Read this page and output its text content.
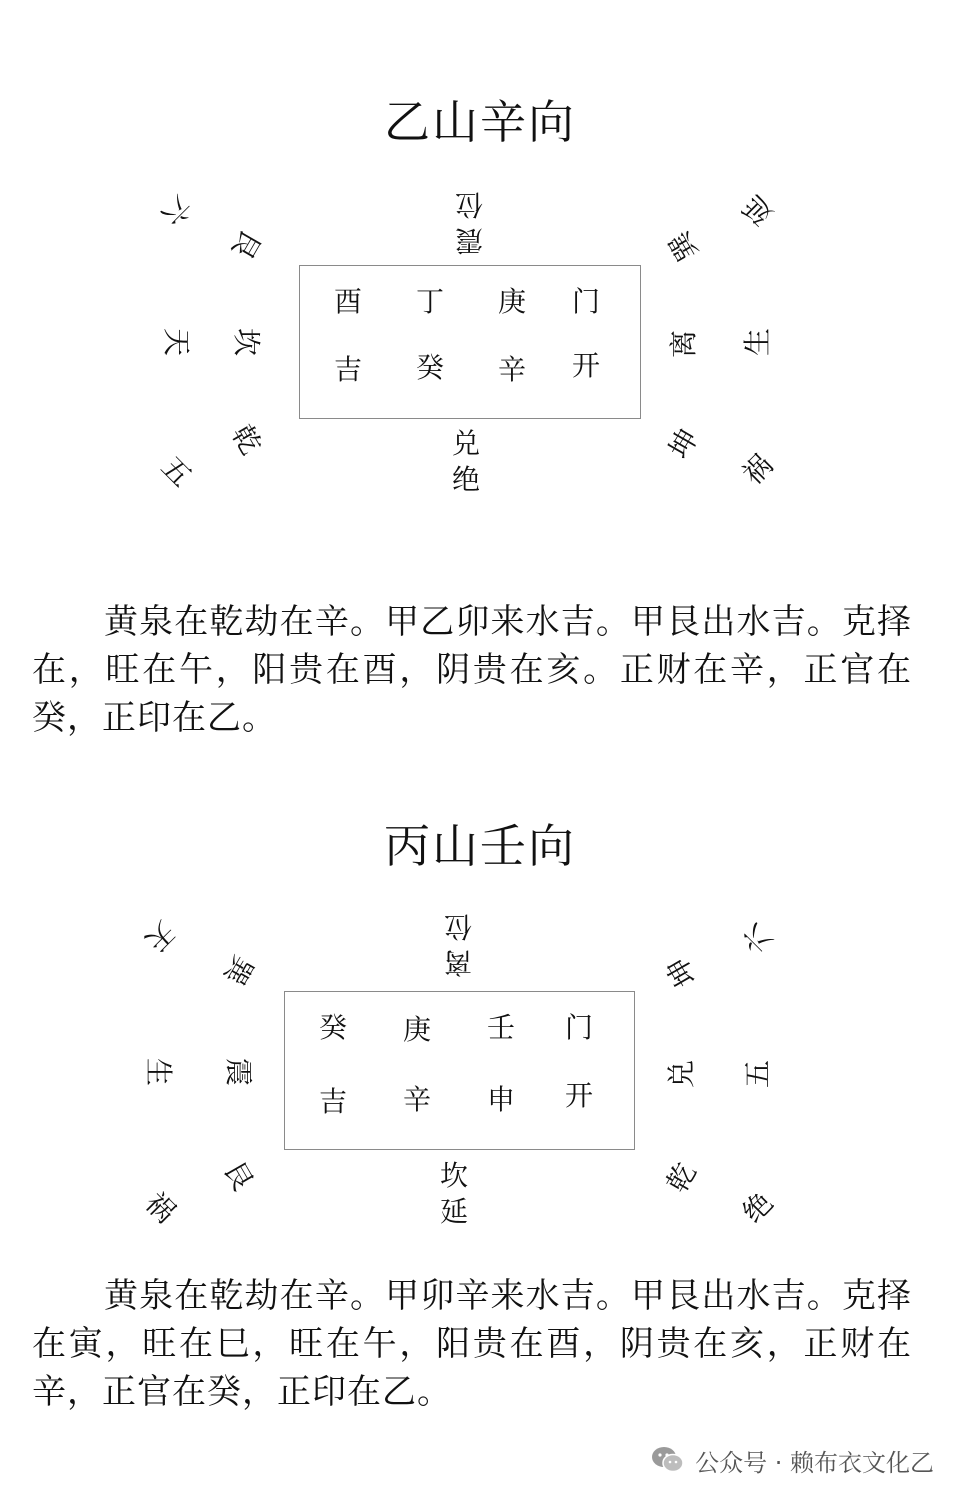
乙山辛向
震
位
酉 丁 庚 门
吉 癸 辛 开
兑
绝
六
天
五
艮
坎
乾
巽
离
坤
延
生
祸
黄泉在乾劫在辛。甲乙卯来水吉。甲艮出水吉。克择在，旺在午，阳贵在酉，阴贵在亥。正财在辛，正官在癸，正印在乙。
丙山壬向
离
位
癸 庚 壬 门
吉 辛 申 开
坎
延
天
生
祸
巽
震
艮
坤
兑
乾
六
五
绝
黄泉在乾劫在辛。甲卯辛来水吉。甲艮出水吉。克择在寅，旺在巳，旺在午，阳贵在酉，阴贵在亥，正财在辛，正官在癸，正印在乙。
公众号 · 赖布衣文化乙
